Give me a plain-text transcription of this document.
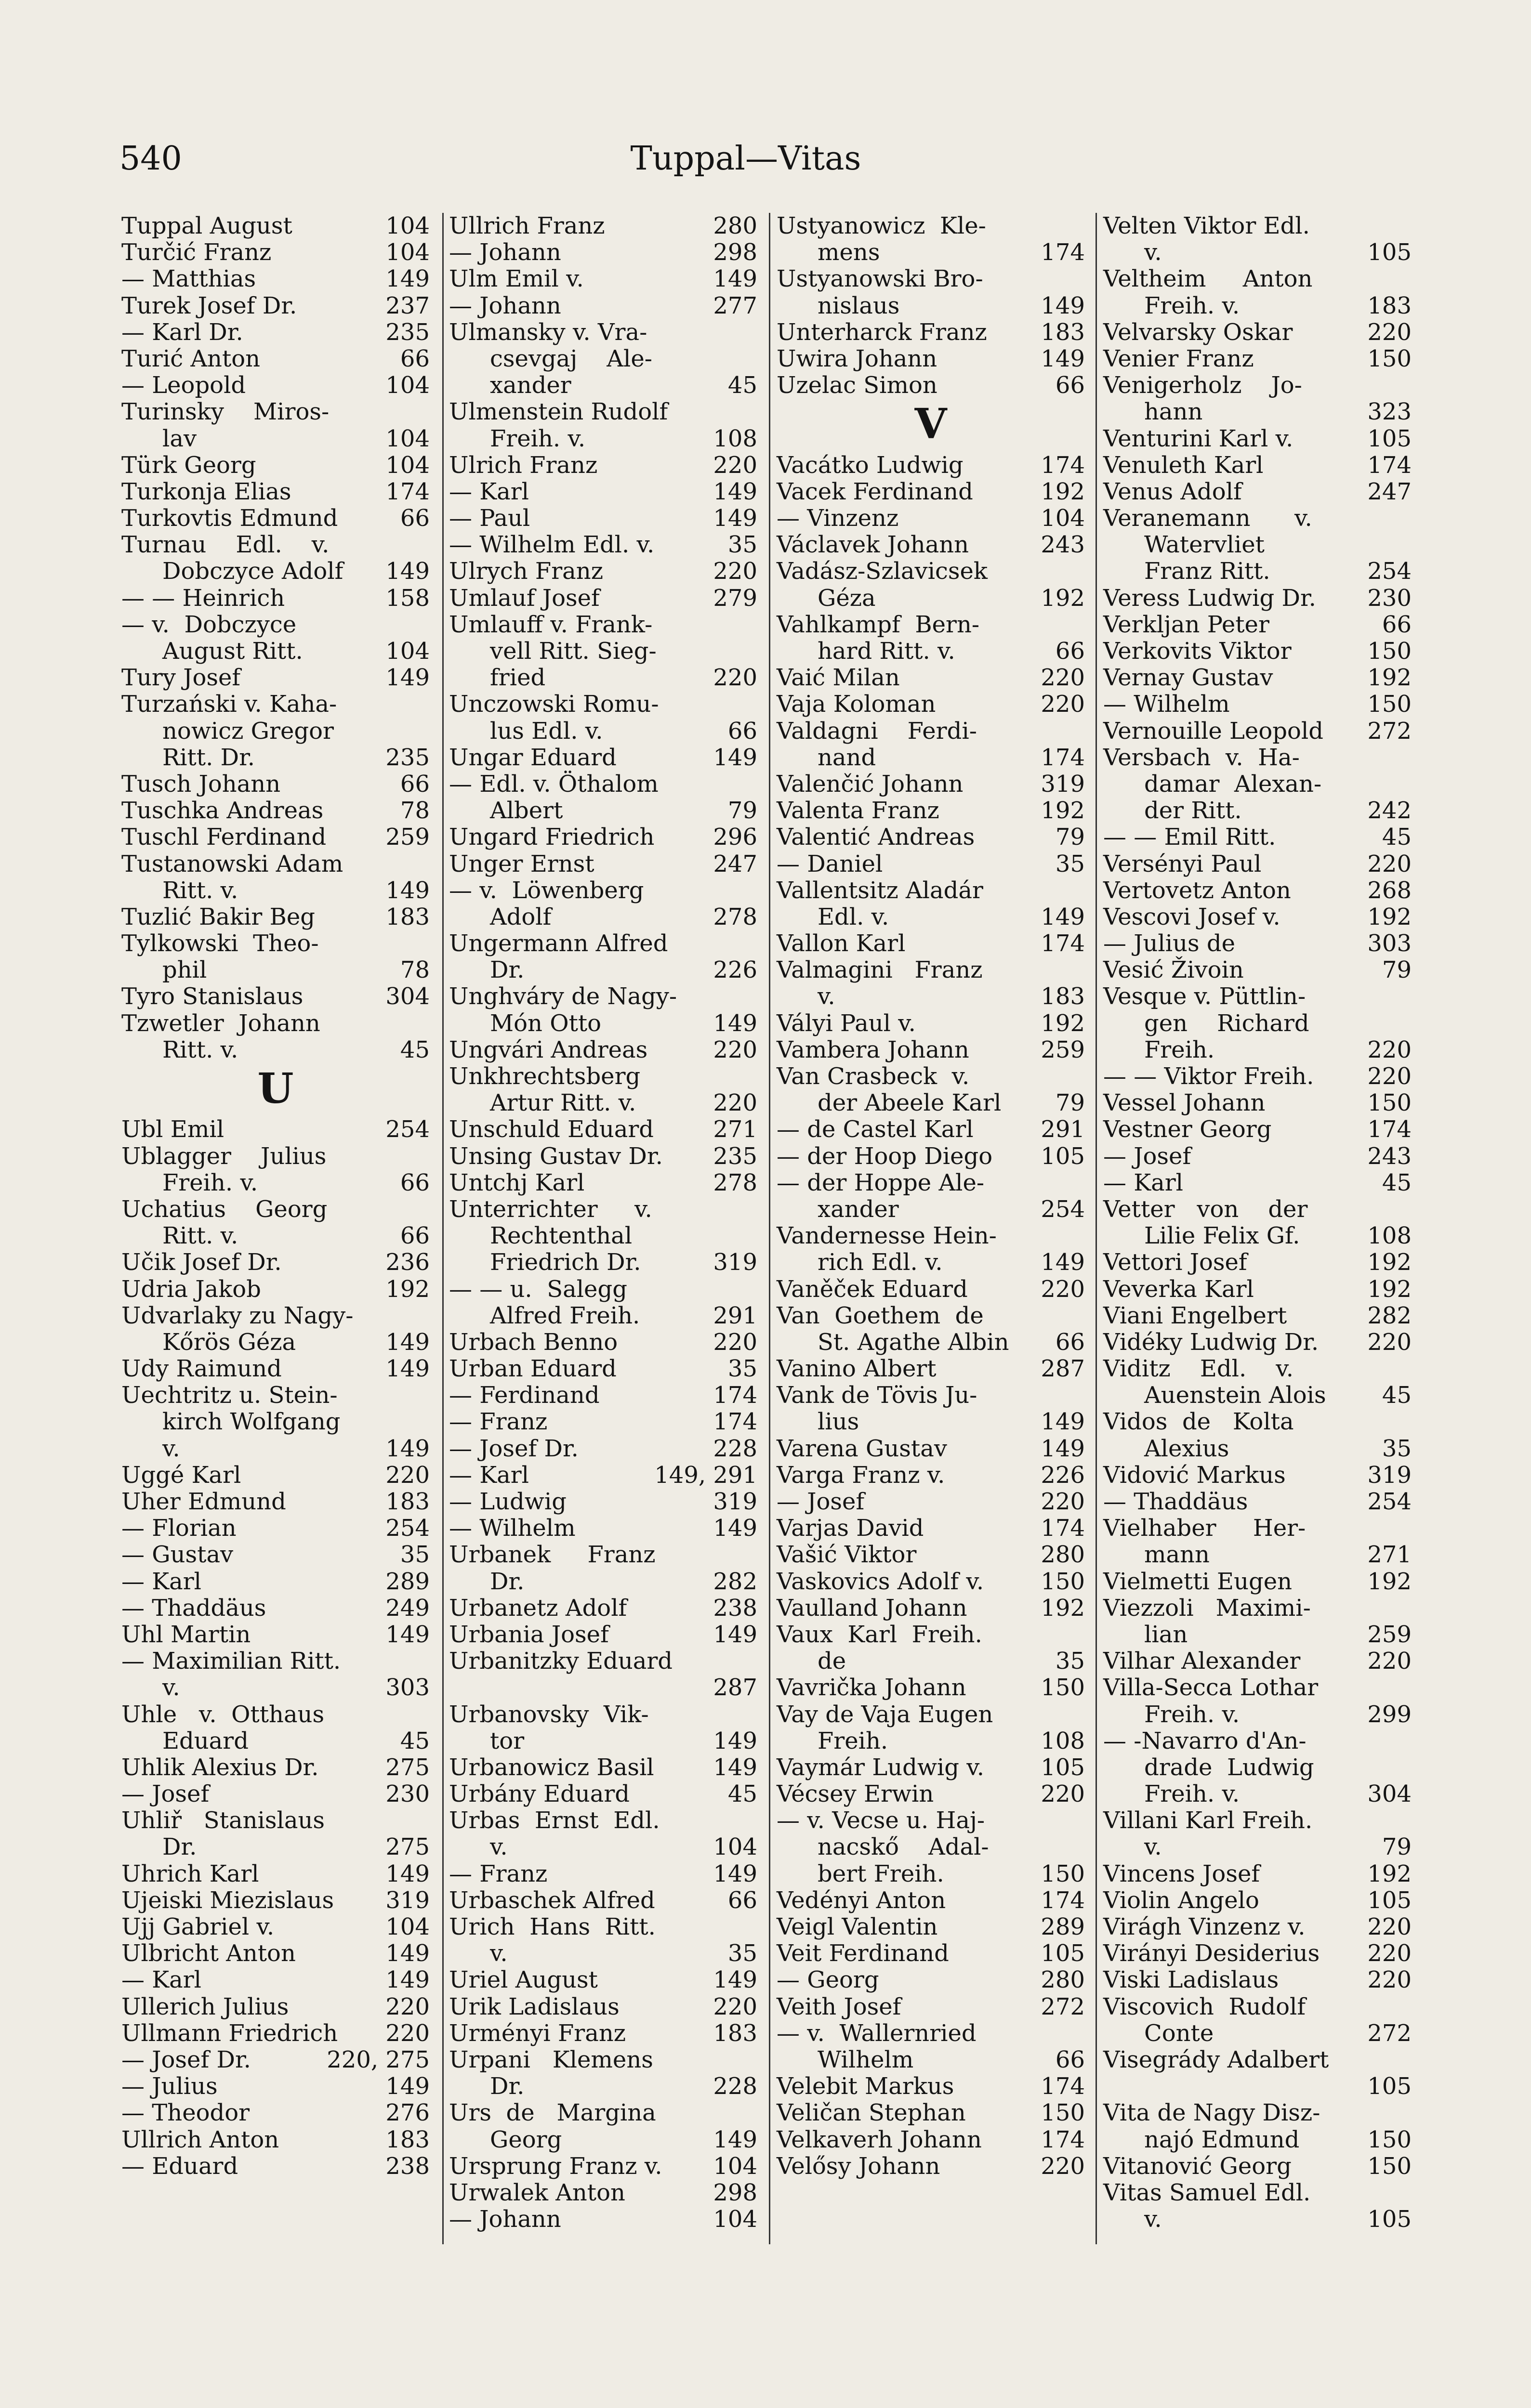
540	Tuppal—Vitas
Tuppal August	104
Turčić Franz	104
— Matthias	149
Turek Josef Dr.	237
— Karl Dr.	235
Turić Anton	66
— Leopold	104
Turinsky    Miros-
lav	104
Türk Georg	104
Turkonja Elias	174
Turkovtis Edmund	66
Turnau    Edl.    v.
Dobczyce Adolf 149
— — Heinrich	158
— v.  Dobczyce
August Ritt.	104
Tury Josef	149
Turzański v. Kaha-
nowicz Gregor
Ritt. Dr.	235
Tusch Johann	66
Tuschka Andreas	78
Tuschl Ferdinand	259
Tustanowski Adam
Ritt. v.	149
Tuzlić Bakir Beg	183
Tylkowski  Theo-
phil	78
Tyro Stanislaus	304
Tzwetler  Johann
Ritt. v.	45
U
Ubl Emil	254
Ublagger    Julius
Freih. v.	66
Uchatius    Georg
Ritt. v.	66
Učik Josef Dr.	236
Udria Jakob	192
Udvarlaky zu Nagy-
Kőrös Géza	149
Udy Raimund	149
Uechtritz u. Stein-
kirch Wolfgang
v.	149
Uggé Karl	220
Uher Edmund	183
— Florian	254
— Gustav	35
— Karl	289
— Thaddäus	249
Uhl Martin	149
— Maximilian Ritt.
v.	303
Uhle   v.  Otthaus
Eduard	45
Uhlik Alexius Dr.	275
— Josef	230
Uhliř   Stanislaus
Dr.	275
Uhrich Karl	149
Ujeiski Miezislaus 319
Ujj Gabriel v.	104
Ulbricht Anton	149
— Karl	149
Ullerich Julius	220
Ullmann Friedrich 220
— Josef Dr.	220, 275
— Julius	149
— Theodor	276
Ullrich Anton	183
— Eduard	238
Ullrich Franz	280
— Johann	298
Ulm Emil v.	149
— Johann	277
Ulmansky v. Vra-
csevgaj    Ale-
xander	45
Ulmenstein Rudolf
Freih. v.	108
Ulrich Franz	220
— Karl	149
— Paul	149
— Wilhelm Edl. v.	35
Ulrych Franz	220
Umlauf Josef	279
Umlauff v. Frank-
vell Ritt. Sieg-
fried	220
Unczowski Romu-
lus Edl. v.	66
Ungar Eduard	149
— Edl. v. Öthalom
Albert	79
Ungard Friedrich	296
Unger Ernst	247
— v.  Löwenberg
Adolf	278
Ungermann Alfred
Dr.	226
Unghváry de Nagy-
Món Otto	149
Ungvári Andreas	220
Unkhrechtsberg
Artur Ritt. v.	220
Unschuld Eduard	271
Unsing Gustav Dr. 235
Untchj Karl	278
Unterrichter     v.
Rechtenthal
Friedrich Dr.	319
— — u.  Salegg
Alfred Freih.	291
Urbach Benno	220
Urban Eduard	35
— Ferdinand	174
— Franz	174
— Josef Dr.	228
— Karl	149, 291
— Ludwig	319
— Wilhelm	149
Urbanek     Franz
Dr.	282
Urbanetz Adolf	238
Urbania Josef	149
Urbanitzky Eduard
287
Urbanovsky  Vik-
tor	149
Urbanowicz Basil	149
Urbány Eduard	45
Urbas  Ernst  Edl.
v.	104
— Franz	149
Urbaschek Alfred	66
Urich  Hans  Ritt.
v.	35
Uriel August	149
Urik Ladislaus	220
Urményi Franz	183
Urpani   Klemens
Dr.	228
Urs  de   Margina
Georg	149
Ursprung Franz v. 104
Urwalek Anton	298
— Johann	104
Ustyanowicz  Kle-
mens	174
Ustyanowski Bro-
nislaus	149
Unterharck Franz 183
Uwira Johann	149
Uzelac Simon	66
V
Vacátko Ludwig	174
Vacek Ferdinand	192
— Vinzenz	104
Václavek Johann	243
Vadász-Szlavicsek
Géza	192
Vahlkampf  Bern-
hard Ritt. v.	66
Vaić Milan	220
Vaja Koloman	220
Valdagni    Ferdi-
nand	174
Valenčić Johann	319
Valenta Franz	192
Valentić Andreas	79
— Daniel	35
Vallentsitz Aladár
Edl. v.	149
Vallon Karl	174
Valmagini   Franz
v.	183
Vályi Paul v.	192
Vambera Johann	259
Van Crasbeck  v.
der Abeele Karl 79
— de Castel Karl	291
— der Hoop Diego 105
— der Hoppe Ale-
xander	254
Vandernesse Hein-
rich Edl. v.	149
Vaněček Eduard	220
Van  Goethem  de
St. Agathe Albin 66
Vanino Albert	287
Vank de Tövis Ju-
lius	149
Varena Gustav	149
Varga Franz v.	226
— Josef	220
Varjas David	174
Vašić Viktor	280
Vaskovics Adolf v. 150
Vaulland Johann	192
Vaux  Karl  Freih.
de	35
Vavrička Johann	150
Vay de Vaja Eugen
Freih.	108
Vaymár Ludwig v. 105
Vécsey Erwin	220
— v. Vecse u. Haj-
nacskő    Adal-
bert Freih.	150
Vedényi Anton	174
Veigl Valentin	289
Veit Ferdinand	105
— Georg	280
Veith Josef	272
— v.  Wallernried
Wilhelm	66
Velebit Markus	174
Veličan Stephan	150
Velkaverh Johann	174
Velősy Johann	220
Velten Viktor Edl.
v.	105
Veltheim     Anton
Freih. v.	183
Velvarsky Oskar	220
Venier Franz	150
Venigerholz    Jo-
hann	323
Venturini Karl v.	105
Venuleth Karl	174
Venus Adolf	247
Veranemann      v.
Watervliet
Franz Ritt.	254
Veress Ludwig Dr. 230
Verkljan Peter	66
Verkovits Viktor	150
Vernay Gustav	192
— Wilhelm	150
Vernouille Leopold 272
Versbach  v.  Ha-
damar  Alexan-
der Ritt.	242
— — Emil Ritt.	45
Versényi Paul	220
Vertovetz Anton	268
Vescovi Josef v.	192
— Julius de	303
Vesić Živoin	79
Vesque v. Püttlin-
gen    Richard
Freih.	220
— — Viktor Freih. 220
Vessel Johann	150
Vestner Georg	174
— Josef	243
— Karl	45
Vetter   von    der
Lilie Felix Gf.	108
Vettori Josef	192
Veverka Karl	192
Viani Engelbert	282
Vidéky Ludwig Dr. 220
Viditz    Edl.    v.
Auenstein Alois 45
Vidos  de   Kolta
Alexius	35
Vidović Markus	319
— Thaddäus	254
Vielhaber     Her-
mann	271
Vielmetti Eugen	192
Viezzoli   Maximi-
lian	259
Vilhar Alexander	220
Villa-Secca Lothar
Freih. v.	299
— -Navarro d'An-
drade  Ludwig
Freih. v.	304
Villani Karl Freih.
v.	79
Vincens Josef	192
Violin Angelo	105
Virágh Vinzenz v.	220
Virányi Desiderius 220
Viski Ladislaus	220
Viscovich  Rudolf
Conte	272
Visegrády Adalbert
105
Vita de Nagy Disz-
najó Edmund	150
Vitanović Georg	150
Vitas Samuel Edl.
v.	105
